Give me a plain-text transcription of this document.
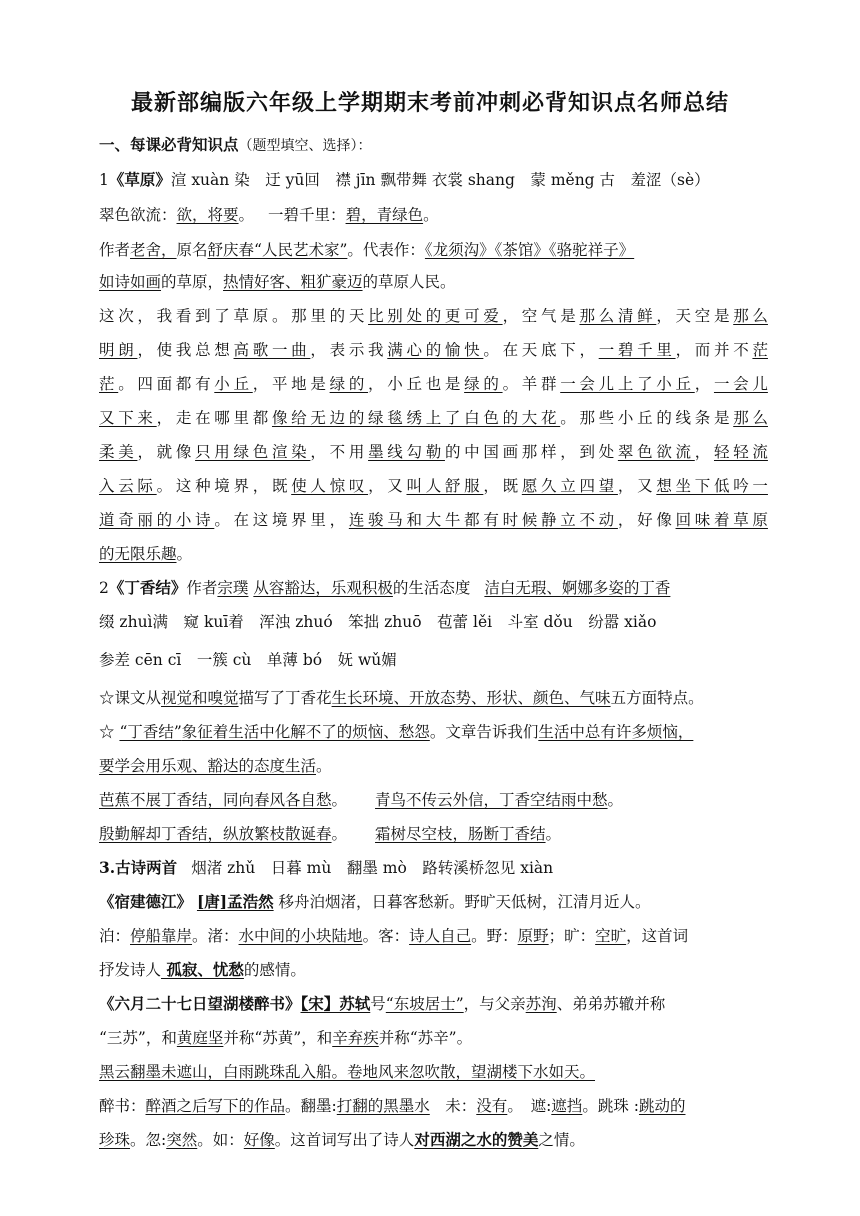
最新部编版六年级上学期期末考前冲刺必背知识点名师总结
一、每课必背知识点（题型填空、选择）：
1《草原》渲 xuàn 染　迂 yū回　襟 jīn 飘带舞 衣裳 shang　蒙 měng 古　羞涩（sè）
翠色欲流：欲，将要。 一碧千里：碧，青绿色。
作者老舍，原名舒庆春“人民艺术家”。代表作：《龙须沟》《茶馆》《骆驼祥子》
如诗如画的草原，热情好客、粗犷豪迈的草原人民。
这次，我看到了草原。那里的天比别处的更可爱，空气是那么清鲜，天空是那么
明朗，使我总想高歌一曲，表示我满心的愉快。在天底下，一碧千里，而并不茫
茫。四面都有小丘，平地是绿的，小丘也是绿的。羊群一会儿上了小丘，一会儿
又下来，走在哪里都像给无边的绿毯绣上了白色的大花。那些小丘的线条是那么
柔美，就像只用绿色渲染，不用墨线勾勒的中国画那样，到处翠色欲流，轻轻流
入云际。这种境界，既使人惊叹，又叫人舒服，既愿久立四望，又想坐下低吟一
道奇丽的小诗。在这境界里，连骏马和大牛都有时候静立不动，好像回味着草原
的无限乐趣。
2《丁香结》作者宗璞 从容豁达，乐观积极的生活态度 洁白无瑕、婀娜多姿的丁香
缀 zhuì满　窥 kuī着　浑浊 zhuó　笨拙 zhuō　苞蕾 lěi　斗室 dǒu　纷嚣 xiǎo
参差 cēn cī　一簇 cù　单薄 bó　妩 wǔ媚
☆课文从视觉和嗅觉描写了丁香花生长环境、开放态势、形状、颜色、气味五方面特点。
☆ “丁香结”象征着生活中化解不了的烦恼、愁怨。文章告诉我们生活中总有许多烦恼，
要学会用乐观、豁达的态度生活。
芭蕉不展丁香结，同向春风各自愁。 青鸟不传云外信，丁香空结雨中愁。
殷勤解却丁香结，纵放繁枝散诞春。 霜树尽空枝，肠断丁香结。
3.古诗两首 烟渚 zhǔ　日暮 mù　翻墨 mò　路转溪桥忽见 xiàn
《宿建德江》 [唐]孟浩然 移舟泊烟渚，日暮客愁新。野旷天低树，江清月近人。
泊：停船靠岸。渚：水中间的小块陆地。客：诗人自己。野：原野；旷：空旷，这首词
抒发诗人 孤寂、忧愁的感情。
《六月二十七日望湖楼醉书》【宋】苏轼号“东坡居士”，与父亲苏洵、弟弟苏辙并称
“三苏”，和黄庭坚并称“苏黄”，和辛弃疾并称“苏辛”。
黑云翻墨未遮山，白雨跳珠乱入船。卷地风来忽吹散，望湖楼下水如天。
醉书：醉酒之后写下的作品。翻墨:打翻的黑墨水　未：没有。　遮:遮挡。跳珠 :跳动的
珍珠。忽:突然。如：好像。这首词写出了诗人对西湖之水的赞美之情。
